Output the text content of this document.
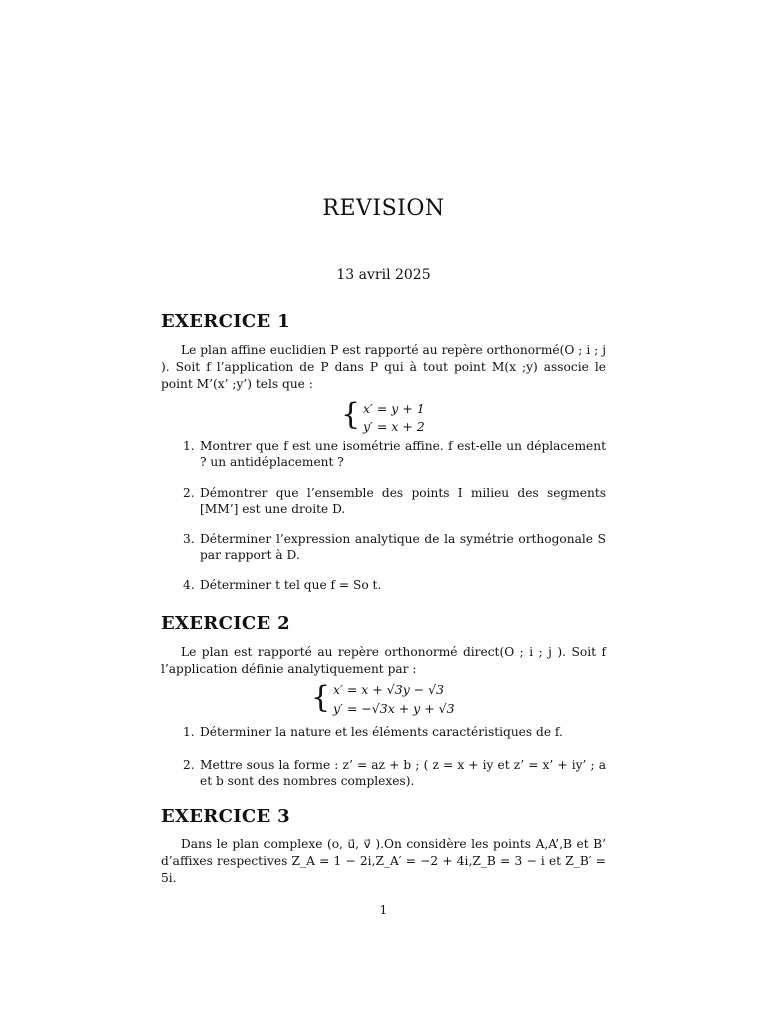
REVISION
13 avril 2025
EXERCICE 1
Le plan affine euclidien P est rapporté au repère orthonormé(O ; i ; j ). Soit f l’application de P dans P qui à tout point M(x ;y) associe le point M’(x’ ;y’) tels que :
{ x′ = y + 1
y′ = x + 2
1. Montrer que f est une isométrie affine. f est-elle un déplacement ? un antidéplacement ?
2. Démontrer que l’ensemble des points I milieu des segments [MM’] est une droite D.
3. Déterminer l’expression analytique de la symétrie orthogonale S par rapport à D.
4. Déterminer t tel que f = So t.
EXERCICE 2
Le plan est rapporté au repère orthonormé direct(O ; i ; j ). Soit f l’application définie analytiquement par :
{ x′ = x + √3y − √3
y′ = −√3x + y + √3
1. Déterminer la nature et les éléments caractéristiques de f.
2. Mettre sous la forme : z’ = az + b ; ( z = x + iy et z’ = x’ + iy’ ; a et b sont des nombres complexes).
EXERCICE 3
Dans le plan complexe (o, u⃗, v⃗ ).On considère les points A,A’,B et B’ d’affixes respectives Z_A = 1 − 2i,Z_A′ = −2 + 4i,Z_B = 3 − i et Z_B′ = 5i.
1
